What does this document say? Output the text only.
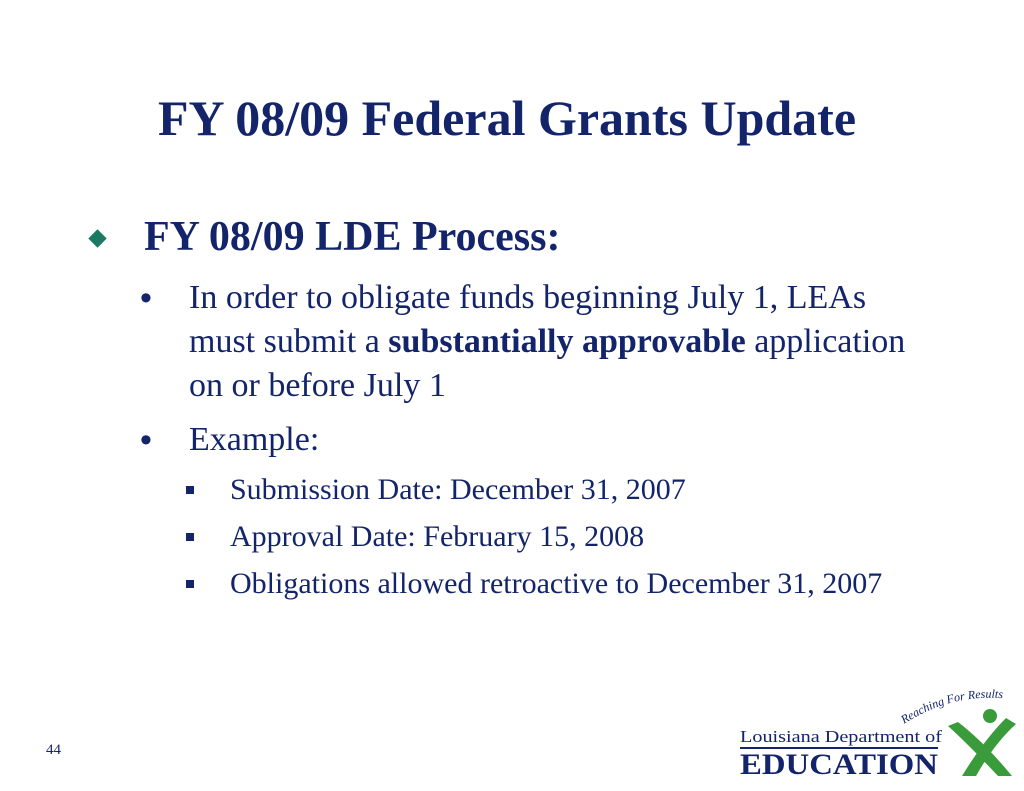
FY 08/09 Federal Grants Update
FY 08/09 LDE Process:
• In order to obligate funds beginning July 1, LEAs must submit a substantially approvable application on or before July 1
• Example:
Submission Date: December 31, 2007
Approval Date: February 15, 2008
Obligations allowed retroactive to December 31, 2007
44
Reaching For Results
Louisiana Department of
EDUCATION
